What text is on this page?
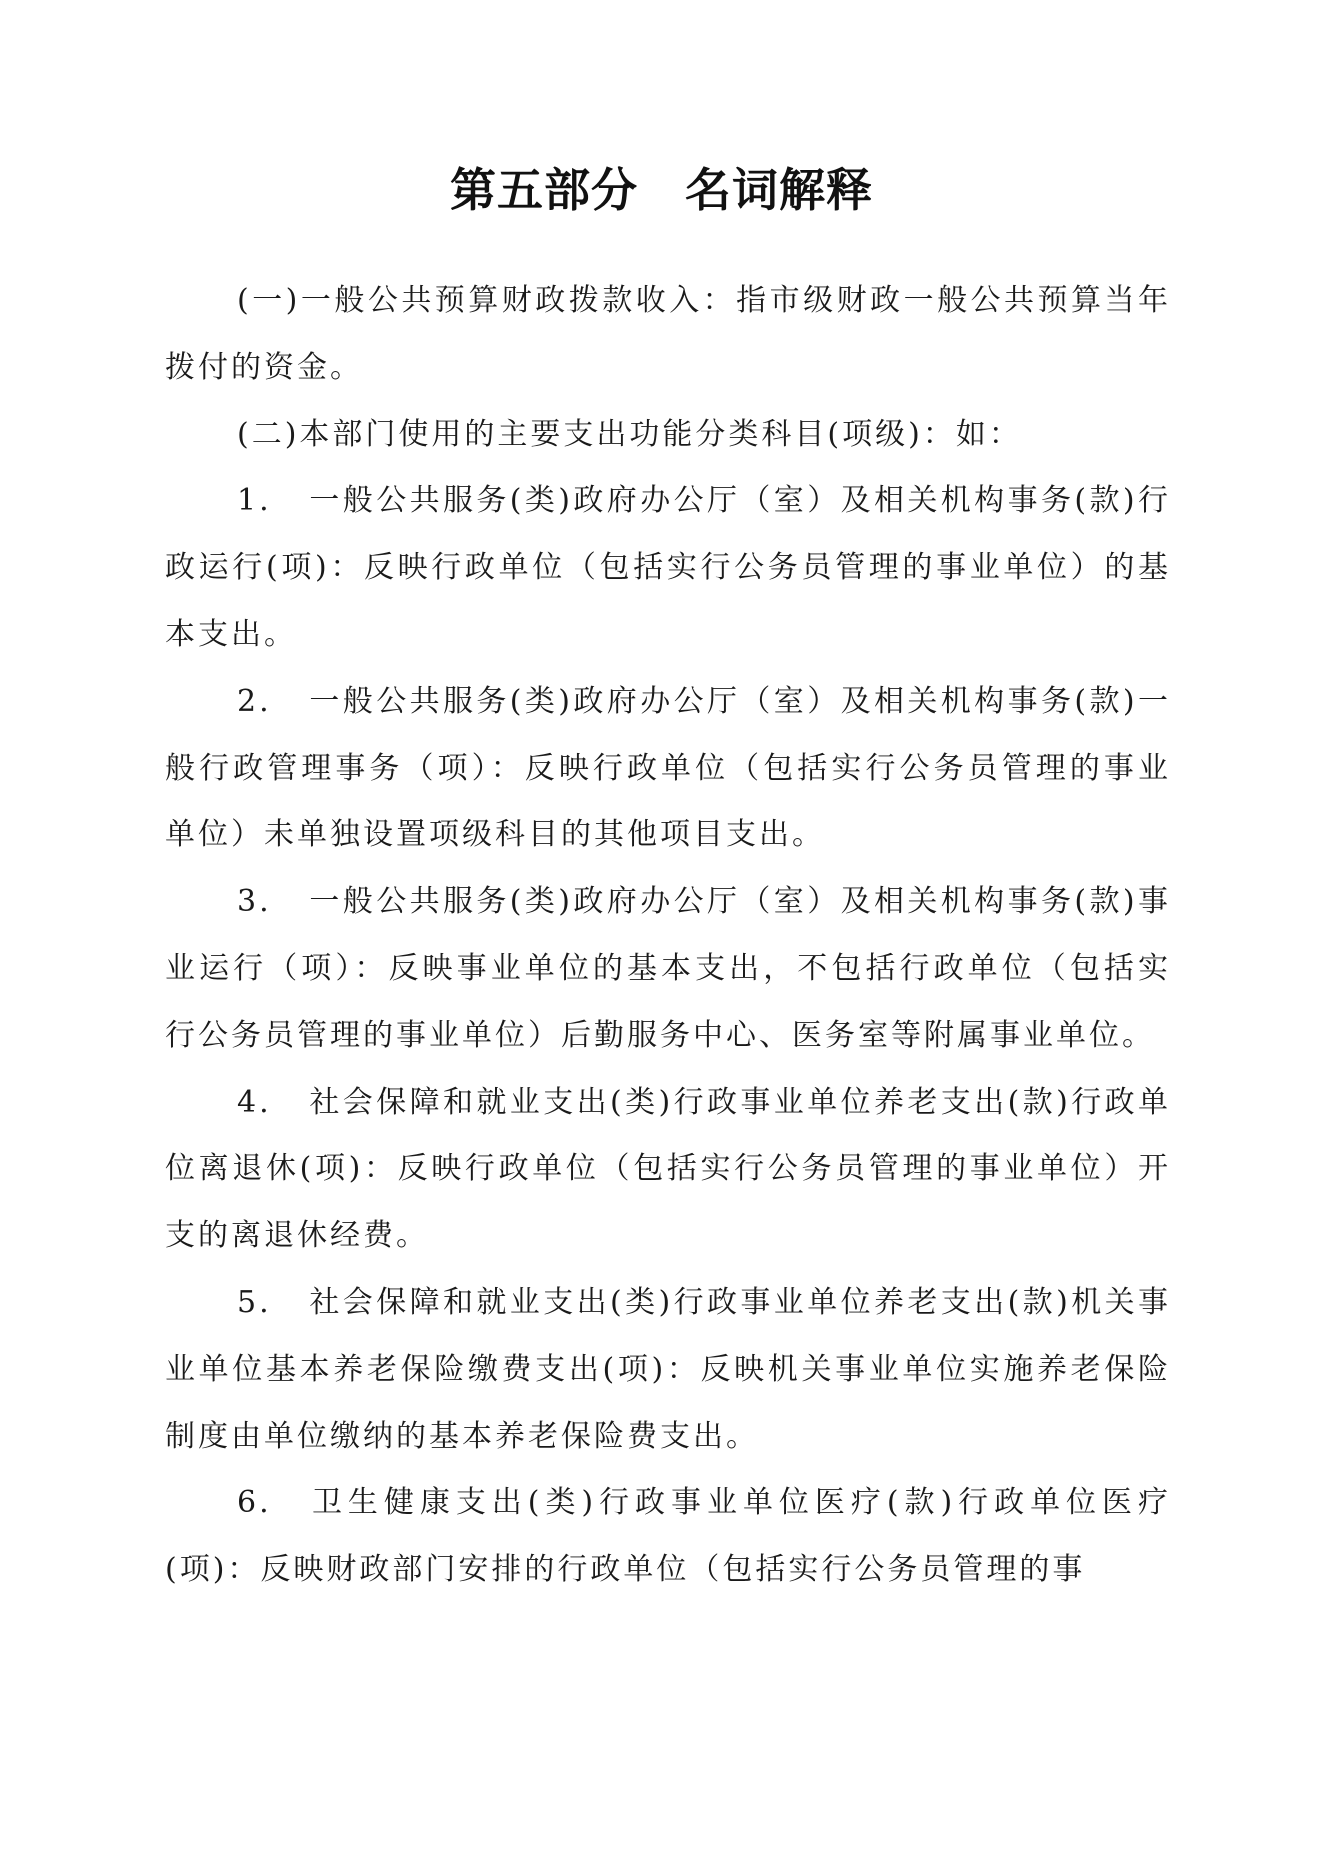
第五部分　名词解释

(一)一般公共预算财政拨款收入：指市级财政一般公共预算当年拨付的资金。

(二)本部门使用的主要支出功能分类科目(项级)：如：

1. 一般公共服务(类)政府办公厅（室）及相关机构事务(款)行政运行(项)：反映行政单位（包括实行公务员管理的事业单位）的基本支出。

2. 一般公共服务(类)政府办公厅（室）及相关机构事务(款)一般行政管理事务（项）：反映行政单位（包括实行公务员管理的事业单位）未单独设置项级科目的其他项目支出。

3. 一般公共服务(类)政府办公厅（室）及相关机构事务(款)事业运行（项）：反映事业单位的基本支出，不包括行政单位（包括实行公务员管理的事业单位）后勤服务中心、医务室等附属事业单位。

4. 社会保障和就业支出(类)行政事业单位养老支出(款)行政单位离退休(项)：反映行政单位（包括实行公务员管理的事业单位）开支的离退休经费。

5. 社会保障和就业支出(类)行政事业单位养老支出(款)机关事业单位基本养老保险缴费支出(项)：反映机关事业单位实施养老保险制度由单位缴纳的基本养老保险费支出。

6. 卫生健康支出(类)行政事业单位医疗(款)行政单位医疗(项)：反映财政部门安排的行政单位（包括实行公务员管理的事
